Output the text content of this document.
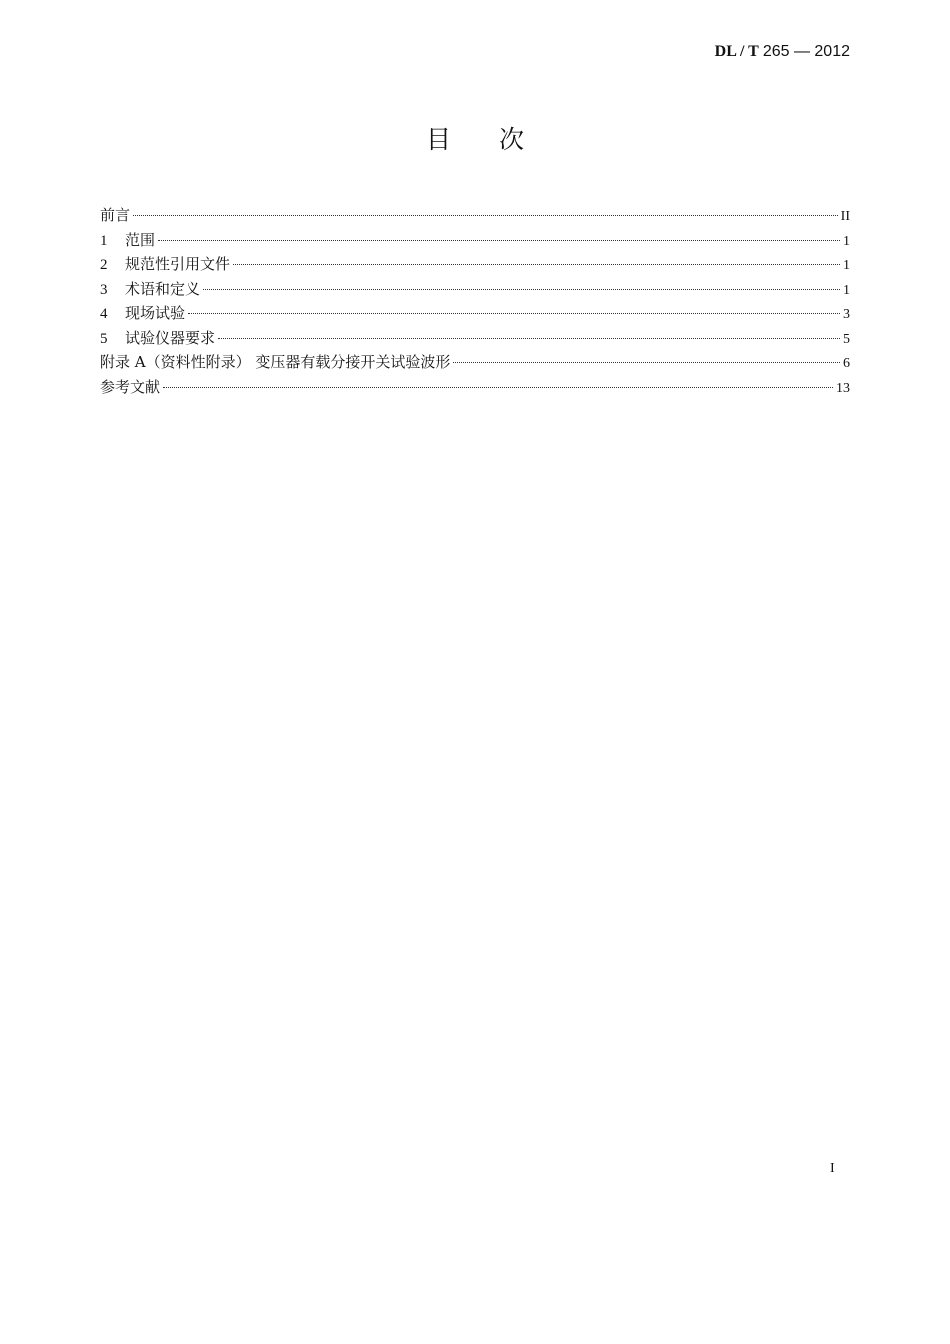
DL / T 265 — 2012
目次
前言	II
1	范围	1
2	规范性引用文件	1
3	术语和定义	1
4	现场试验	3
5	试验仪器要求	5
附录 A（资料性附录） 变压器有载分接开关试验波形	6
参考文献	13
I
